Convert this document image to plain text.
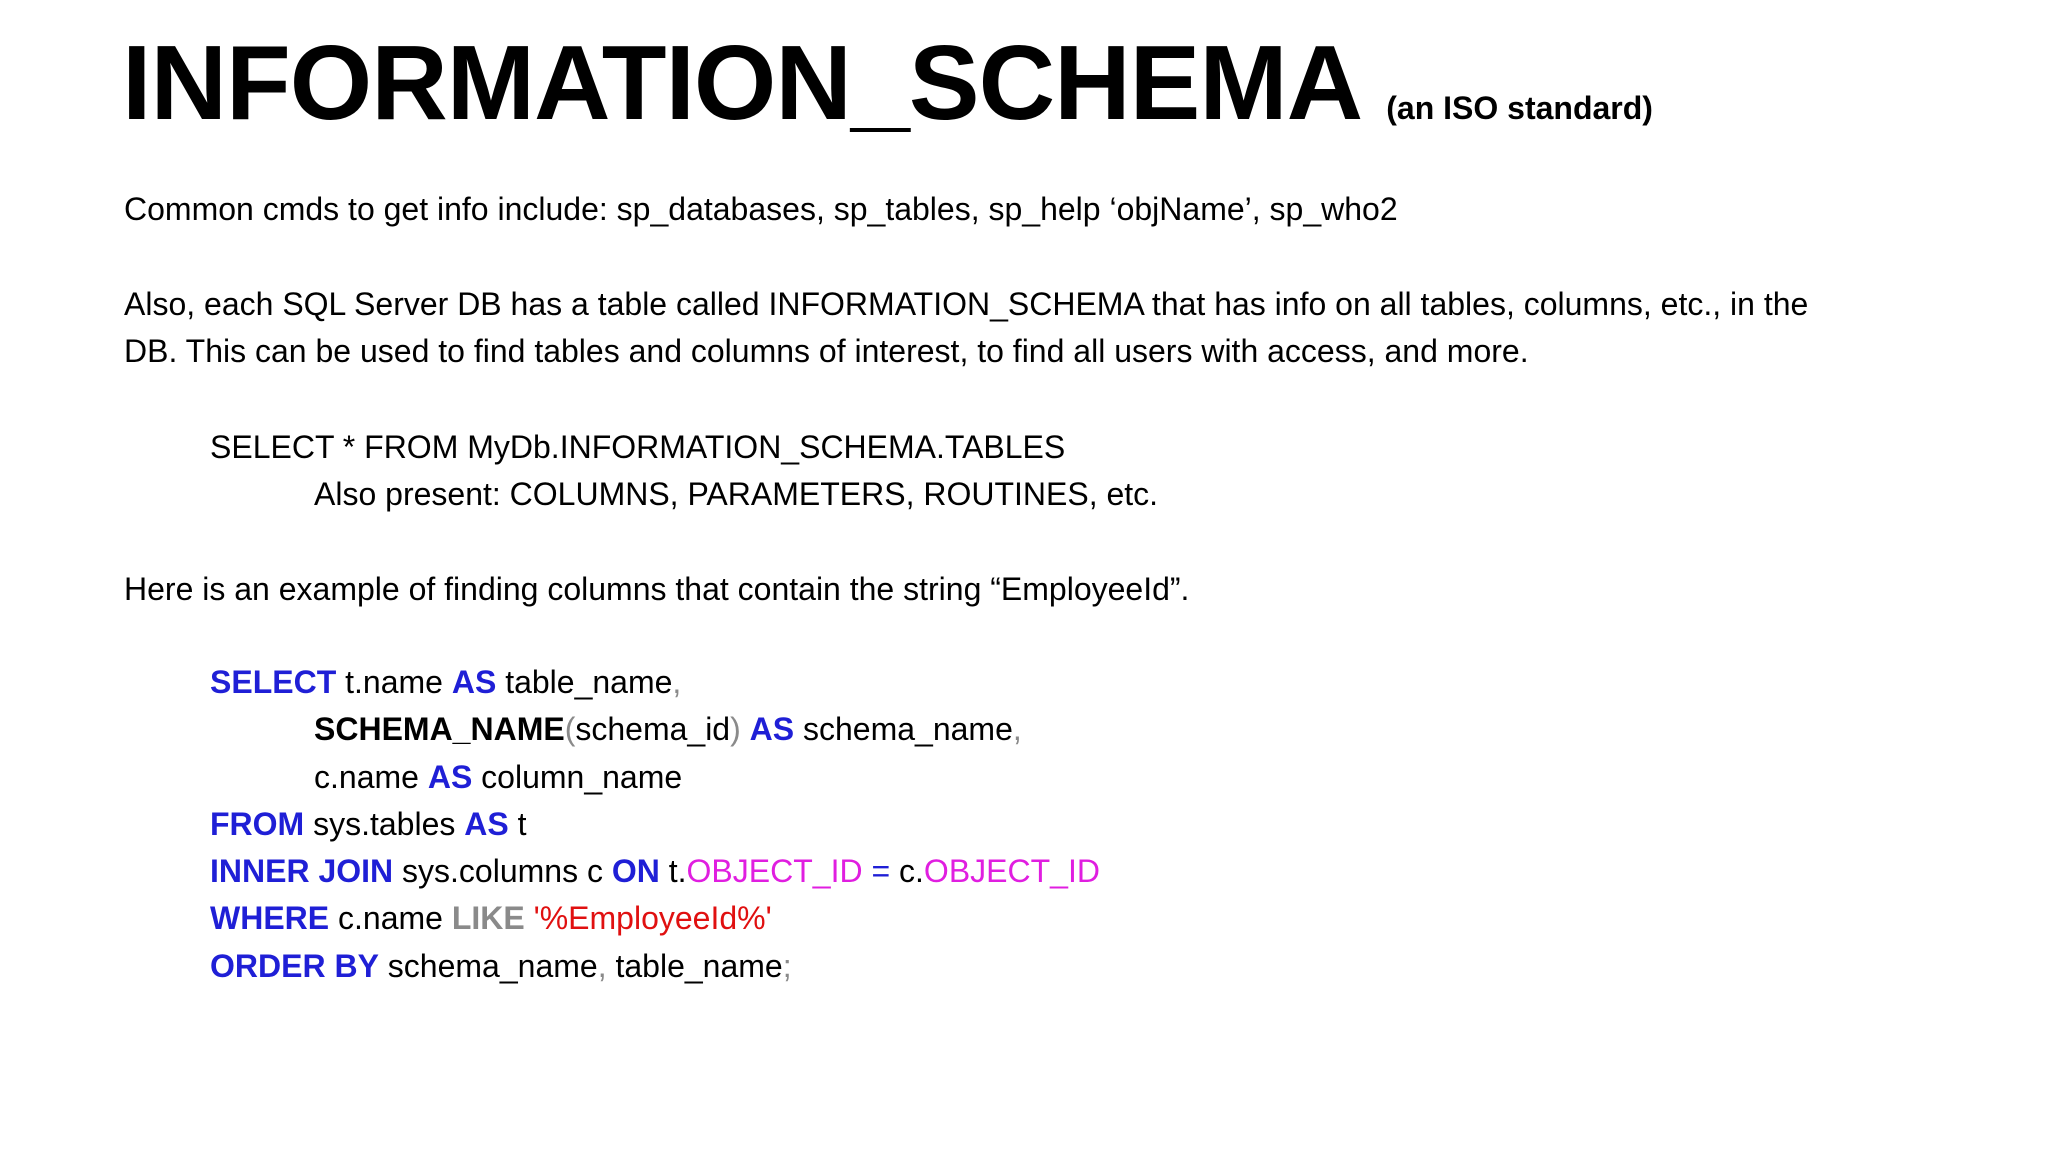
INFORMATION_SCHEMA (an ISO standard)
Common cmds to get info include: sp_databases, sp_tables, sp_help ‘objName’, sp_who2
Also, each SQL Server DB has a table called INFORMATION_SCHEMA that has info on all tables, columns, etc., in the
DB. This can be used to find tables and columns of interest, to find all users with access, and more.
SELECT * FROM MyDb.INFORMATION_SCHEMA.TABLES
Also present: COLUMNS, PARAMETERS, ROUTINES, etc.
Here is an example of finding columns that contain the string “EmployeeId”.
SELECT t.name AS table_name,
SCHEMA_NAME(schema_id) AS schema_name,
c.name AS column_name
FROM sys.tables AS t
INNER JOIN sys.columns c ON t.OBJECT_ID = c.OBJECT_ID
WHERE c.name LIKE '%EmployeeId%'
ORDER BY schema_name, table_name;
